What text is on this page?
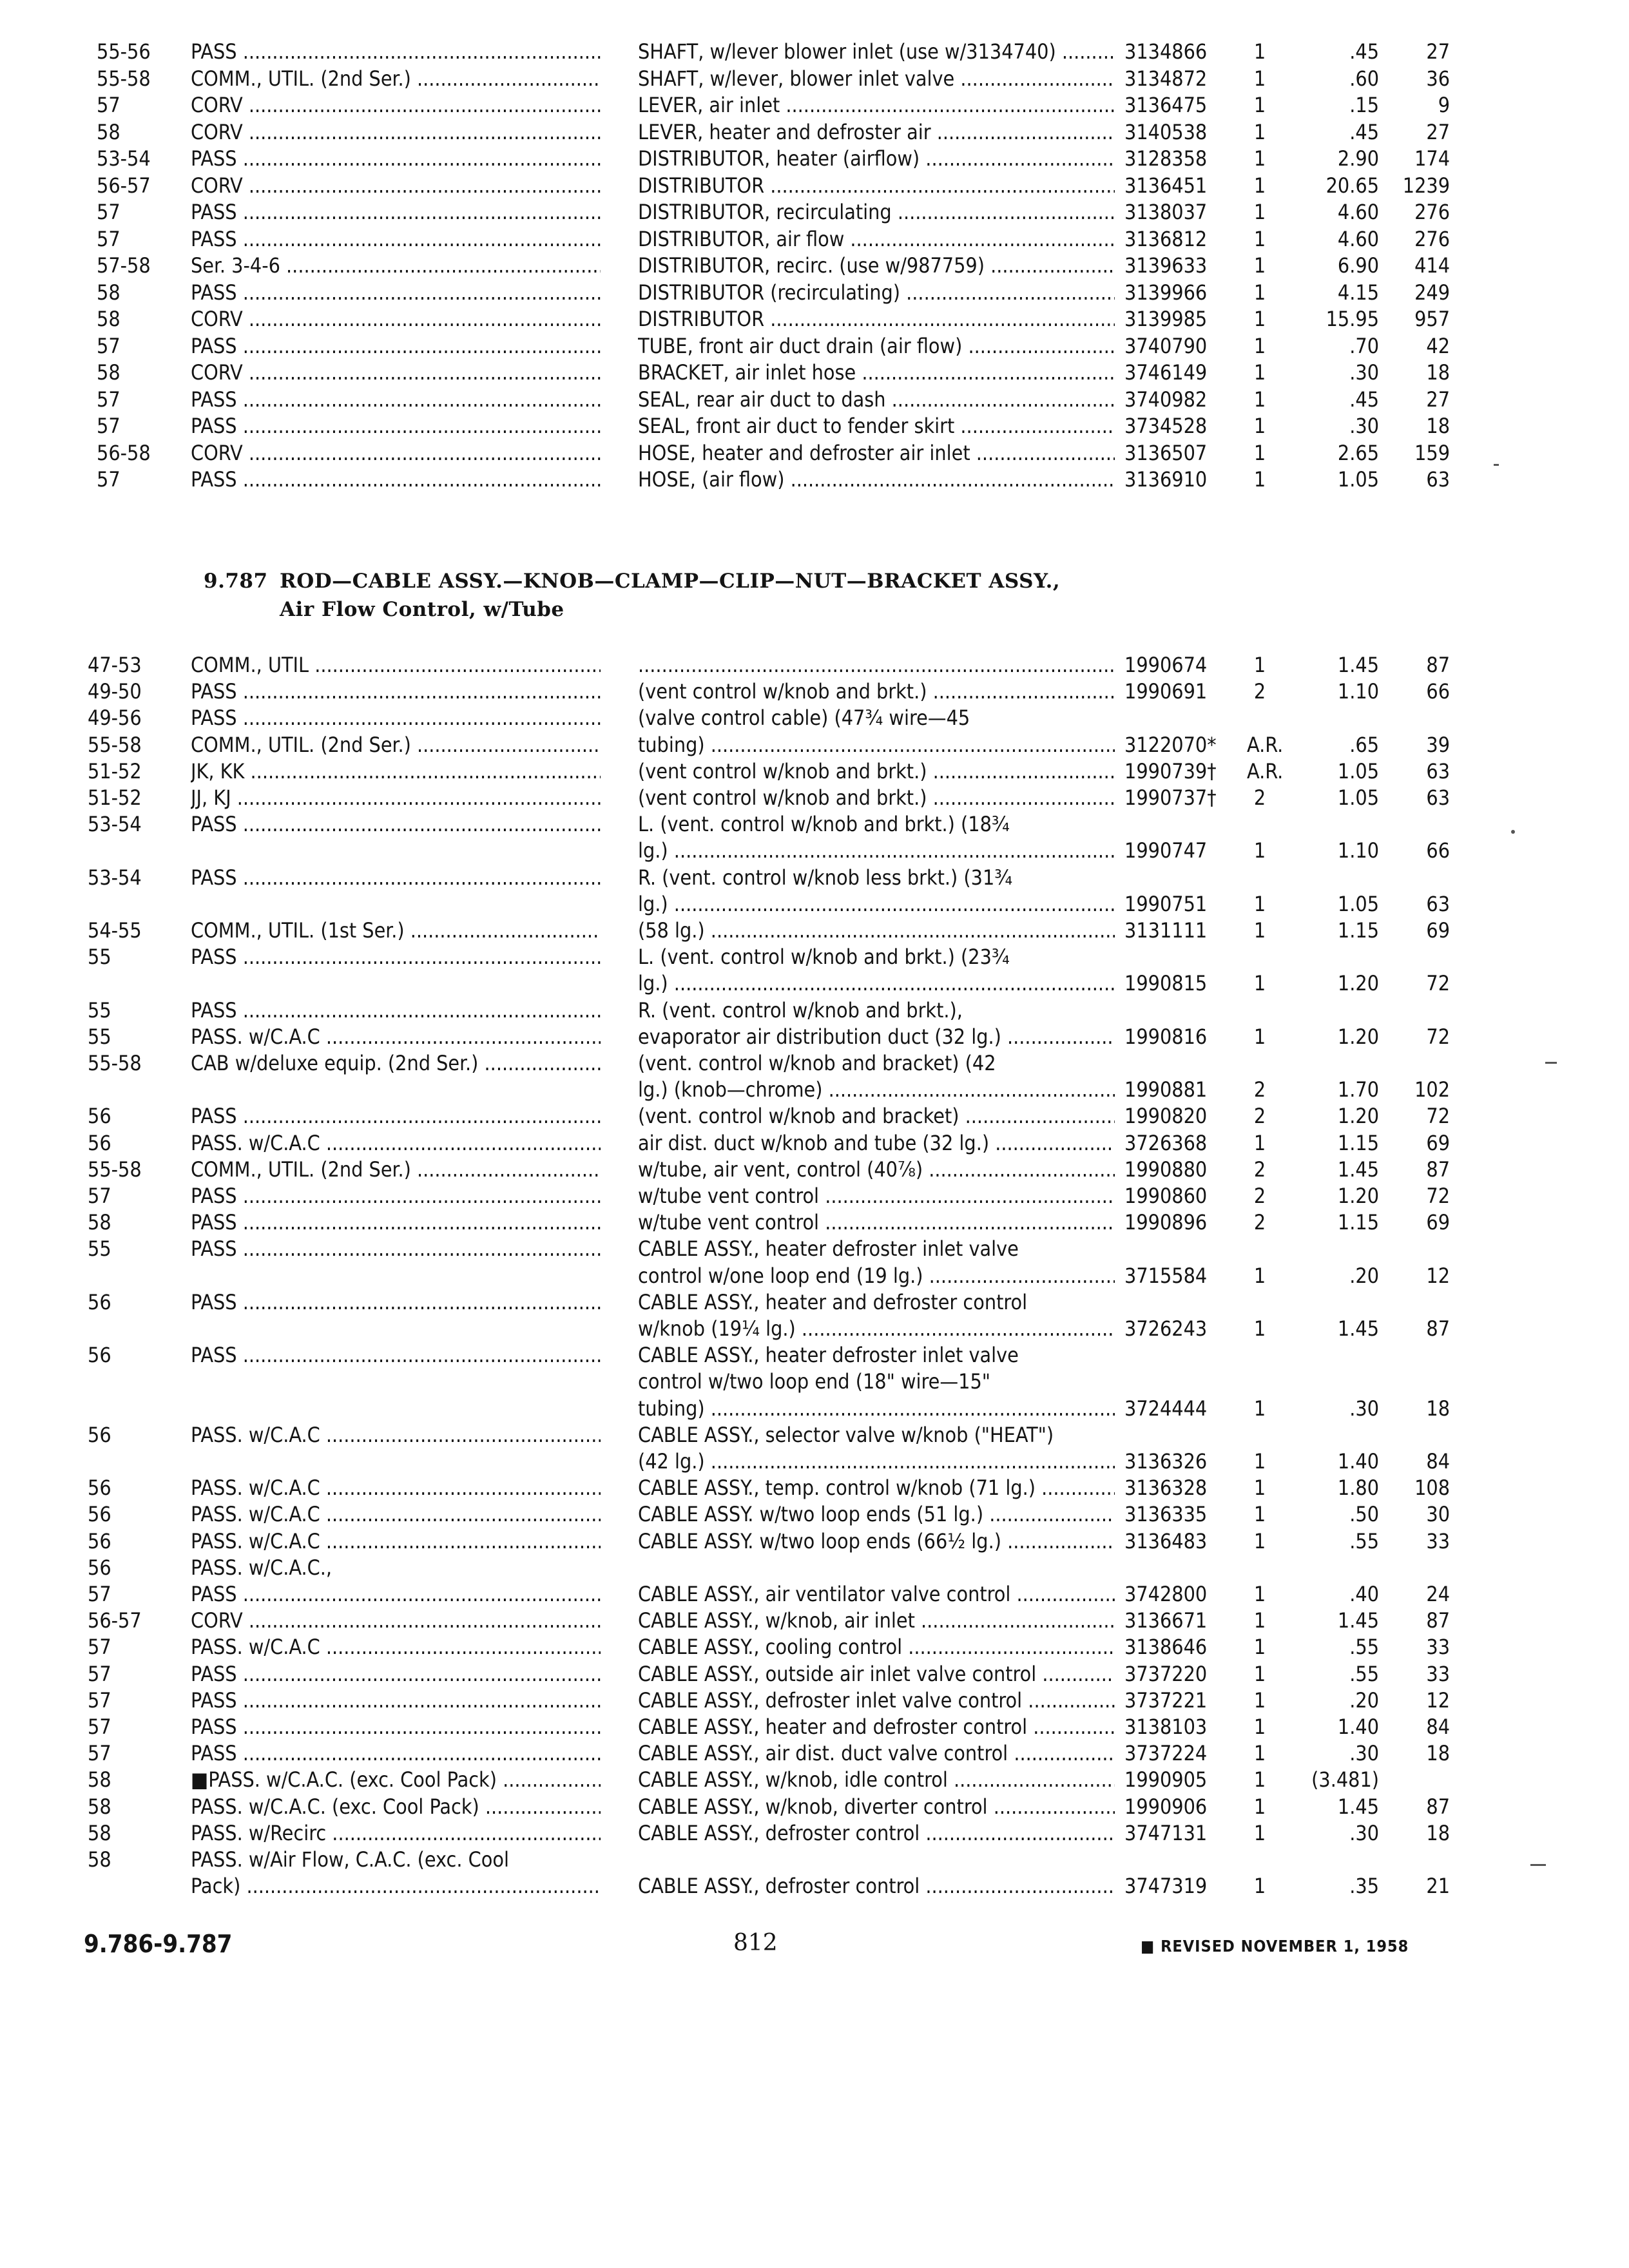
55-56	PASS .....	SHAFT, w/lever blower inlet (use w/3134740) .....	3134866	1	.45	27
55-58	COMM., UTIL. (2nd Ser.) .....	SHAFT, w/lever, blower inlet valve .....	3134872	1	.60	36
57	CORV .....	LEVER, air inlet .....	3136475	1	.15	9
58	CORV .....	LEVER, heater and defroster air .....	3140538	1	.45	27
53-54	PASS .....	DISTRIBUTOR, heater (airflow) .....	3128358	1	2.90	174
56-57	CORV .....	DISTRIBUTOR .....	3136451	1	20.65	1239
57	PASS .....	DISTRIBUTOR, recirculating .....	3138037	1	4.60	276
57	PASS .....	DISTRIBUTOR, air flow .....	3136812	1	4.60	276
57-58	Ser. 3-4-6 .....	DISTRIBUTOR, recirc. (use w/987759) .....	3139633	1	6.90	414
58	PASS .....	DISTRIBUTOR (recirculating) .....	3139966	1	4.15	249
58	CORV .....	DISTRIBUTOR .....	3139985	1	15.95	957
57	PASS .....	TUBE, front air duct drain (air flow) .....	3740790	1	.70	42
58	CORV .....	BRACKET, air inlet hose .....	3746149	1	.30	18
57	PASS .....	SEAL, rear air duct to dash .....	3740982	1	.45	27
57	PASS .....	SEAL, front air duct to fender skirt .....	3734528	1	.30	18
56-58	CORV .....	HOSE, heater and defroster air inlet .....	3136507	1	2.65	159
57	PASS .....	HOSE, (air flow) .....	3136910	1	1.05	63
9.787 ROD—CABLE ASSY.—KNOB—CLAMP—CLIP—NUT—BRACKET ASSY.,
Air Flow Control, w/Tube
47-53	COMM., UTIL .....
.....	1990674	1	1.45	87
49-50	PASS .....	(vent control w/knob and brkt.) .....	1990691	2	1.10	66
49-56	PASS .....	(valve control cable) (47¾ wire—45
55-58	COMM., UTIL. (2nd Ser.) .....	tubing) .....	3122070*	A.R.	.65	39
51-52	JK, KK .....	(vent control w/knob and brkt.) .....	1990739†	A.R.	1.05	63
51-52	JJ, KJ .....	(vent control w/knob and brkt.) .....	1990737†	2	1.05	63
53-54	PASS .....	L. (vent. control w/knob and brkt.) (18¾
lg.) .....	1990747	1	1.10	66
53-54	PASS .....	R. (vent. control w/knob less brkt.) (31¾
lg.) .....	1990751	1	1.05	63
54-55	COMM., UTIL. (1st Ser.) .....	(58 lg.) .....	3131111	1	1.15	69
55	PASS .....	L. (vent. control w/knob and brkt.) (23¾
lg.) .....	1990815	1	1.20	72
55	PASS .....	R. (vent. control w/knob and brkt.),
55	PASS. w/C.A.C .....	evaporator air distribution duct (32 lg.) .....	1990816	1	1.20	72
55-58	CAB w/deluxe equip. (2nd Ser.) .....	(vent. control w/knob and bracket) (42
lg.) (knob—chrome) .....	1990881	2	1.70	102
56	PASS .....	(vent. control w/knob and bracket) .....	1990820	2	1.20	72
56	PASS. w/C.A.C .....	air dist. duct w/knob and tube (32 lg.) .....	3726368	1	1.15	69
55-58	COMM., UTIL. (2nd Ser.) .....	w/tube, air vent, control (40⅞) .....	1990880	2	1.45	87
57	PASS .....	w/tube vent control .....	1990860	2	1.20	72
58	PASS .....	w/tube vent control .....	1990896	2	1.15	69
55	PASS .....	CABLE ASSY., heater defroster inlet valve
control w/one loop end (19 lg.) .....	3715584	1	.20	12
56	PASS .....	CABLE ASSY., heater and defroster control
w/knob (19¼ lg.) .....	3726243	1	1.45	87
56	PASS .....	CABLE ASSY., heater defroster inlet valve
control w/two loop end (18" wire—15"
tubing) .....	3724444	1	.30	18
56	PASS. w/C.A.C .....	CABLE ASSY., selector valve w/knob ("HEAT")
(42 lg.) .....	3136326	1	1.40	84
56	PASS. w/C.A.C .....	CABLE ASSY., temp. control w/knob (71 lg.) .....	3136328	1	1.80	108
56	PASS. w/C.A.C .....	CABLE ASSY. w/two loop ends (51 lg.) .....	3136335	1	.50	30
56	PASS. w/C.A.C .....	CABLE ASSY. w/two loop ends (66½ lg.) .....	3136483	1	.55	33
56	PASS. w/C.A.C.,
57	PASS .....	CABLE ASSY., air ventilator valve control .....	3742800	1	.40	24
56-57	CORV .....	CABLE ASSY., w/knob, air inlet .....	3136671	1	1.45	87
57	PASS. w/C.A.C .....	CABLE ASSY., cooling control .....	3138646	1	.55	33
57	PASS .....	CABLE ASSY., outside air inlet valve control .....	3737220	1	.55	33
57	PASS .....	CABLE ASSY., defroster inlet valve control .....	3737221	1	.20	12
57	PASS .....	CABLE ASSY., heater and defroster control .....	3138103	1	1.40	84
57	PASS .....	CABLE ASSY., air dist. duct valve control .....	3737224	1	.30	18
58	■PASS. w/C.A.C. (exc. Cool Pack) .....	CABLE ASSY., w/knob, idle control .....	1990905	1	(3.481)
58	PASS. w/C.A.C. (exc. Cool Pack) .....	CABLE ASSY., w/knob, diverter control .....	1990906	1	1.45	87
58	PASS. w/Recirc .....	CABLE ASSY., defroster control .....	3747131	1	.30	18
58	PASS. w/Air Flow, C.A.C. (exc. Cool
Pack) .....	CABLE ASSY., defroster control .....	3747319	1	.35	21
9.786-9.787	812	■ REVISED NOVEMBER 1, 1958
